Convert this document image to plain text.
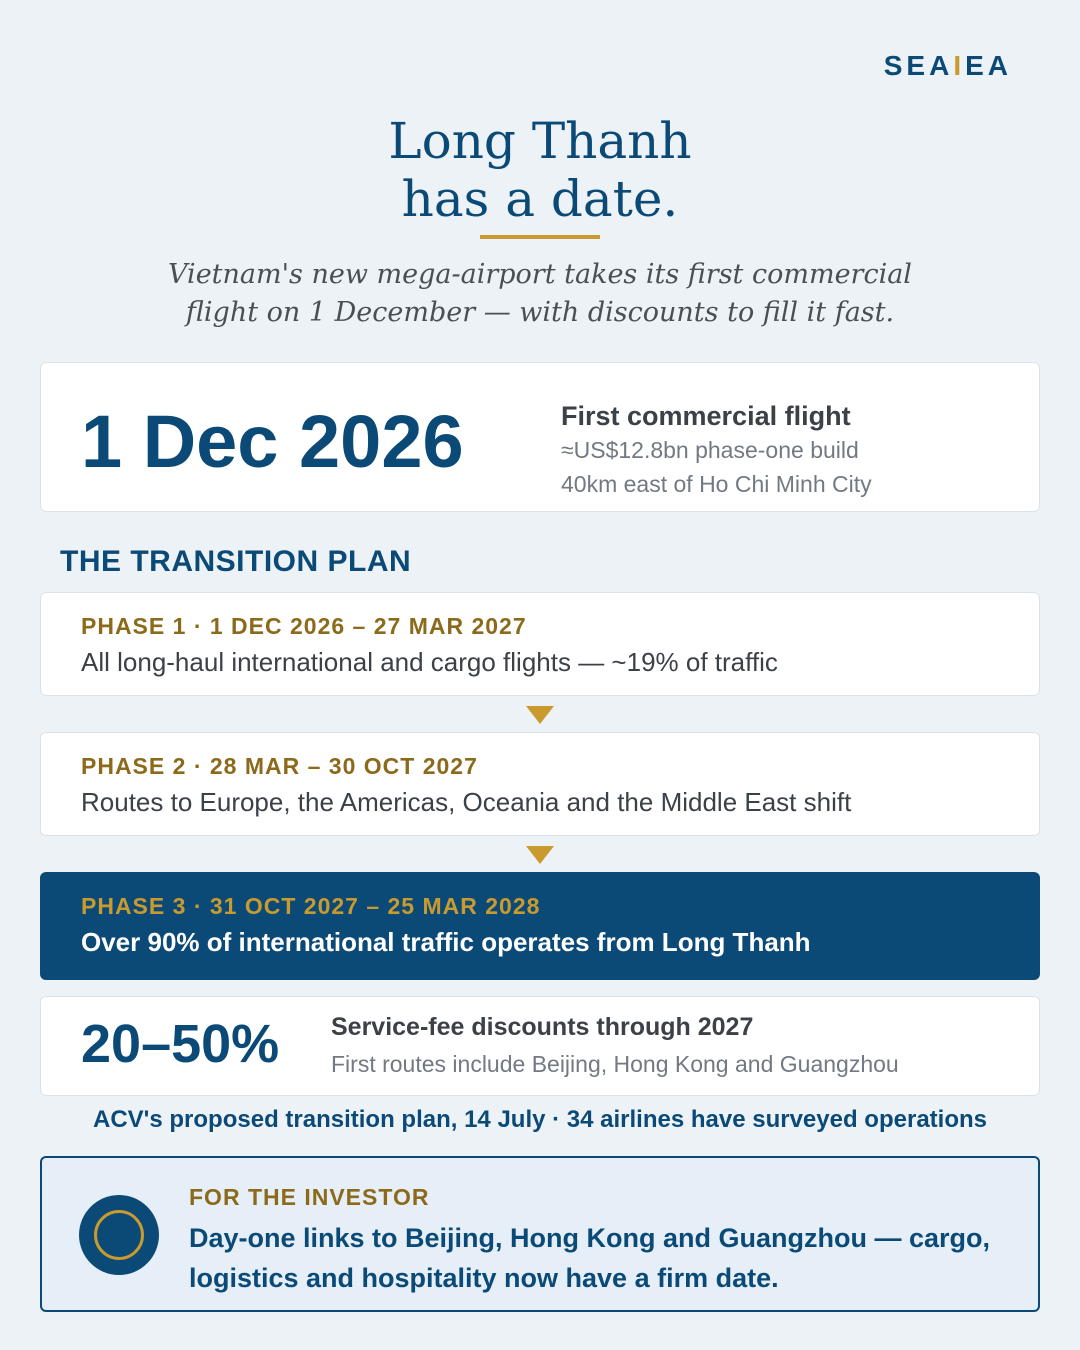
SEAIEA
Long Thanh
has a date.
Vietnam's new mega-airport takes its first commercial
flight on 1 December — with discounts to fill it fast.
1 Dec 2026	First commercial flight
≈US$12.8bn phase-one build
40km east of Ho Chi Minh City
THE TRANSITION PLAN
PHASE 1 · 1 DEC 2026 – 27 MAR 2027
All long-haul international and cargo flights — ~19% of traffic
PHASE 2 · 28 MAR – 30 OCT 2027
Routes to Europe, the Americas, Oceania and the Middle East shift
PHASE 3 · 31 OCT 2027 – 25 MAR 2028
Over 90% of international traffic operates from Long Thanh
20–50% Service-fee discounts through 2027
First routes include Beijing, Hong Kong and Guangzhou
ACV's proposed transition plan, 14 July · 34 airlines have surveyed operations
FOR THE INVESTOR
Day-one links to Beijing, Hong Kong and Guangzhou — cargo, logistics and hospitality now have a firm date.
